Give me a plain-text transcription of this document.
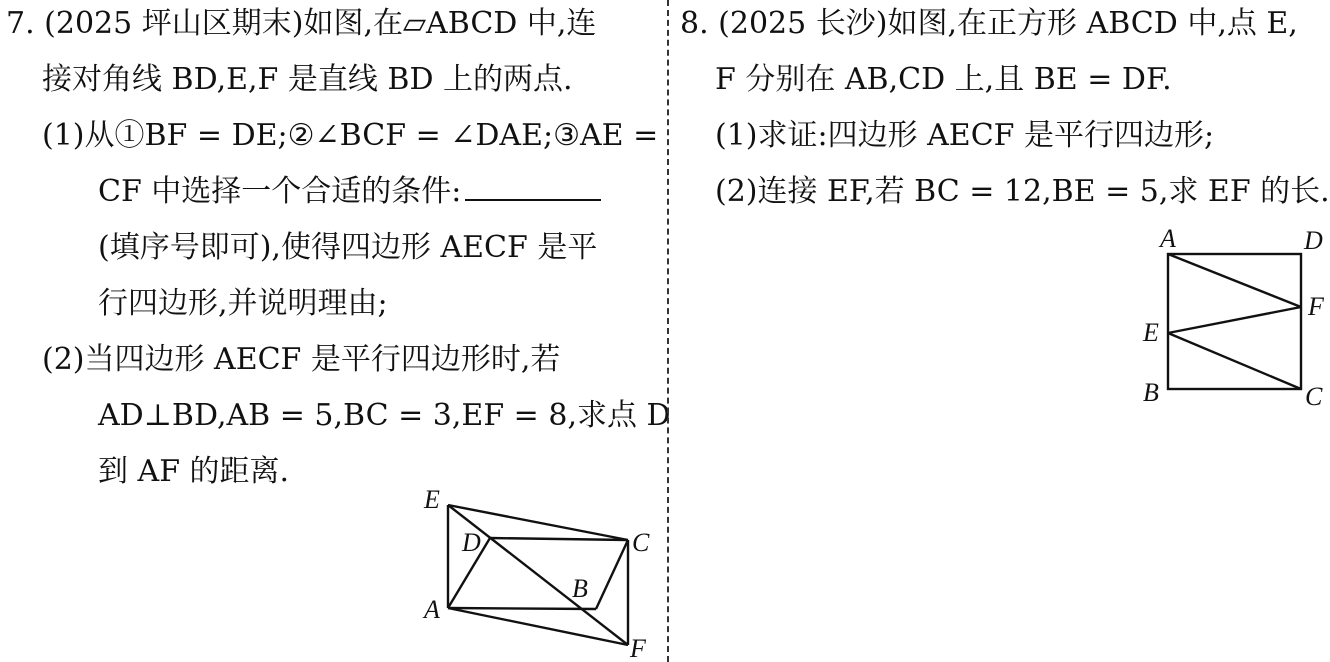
7. (2025 坪山区期末)如图,在▱ABCD 中,连
接对角线 BD,E,F 是直线 BD 上的两点.
(1)从①BF = DE;②∠BCF = ∠DAE;③AE =
CF 中选择一个合适的条件:
(填序号即可),使得四边形 AECF 是平
行四边形,并说明理由;
(2)当四边形 AECF 是平行四边形时,若
AD⊥BD,AB = 5,BC = 3,EF = 8,求点 D
到 AF 的距离.
E
D	C
B
A
F
8. (2025 长沙)如图,在正方形 ABCD 中,点 E,
F 分别在 AB,CD 上,且 BE = DF.
(1)求证:四边形 AECF 是平行四边形;
(2)连接 EF,若 BC = 12,BE = 5,求 EF 的长.
A	D
F
E
B	C
